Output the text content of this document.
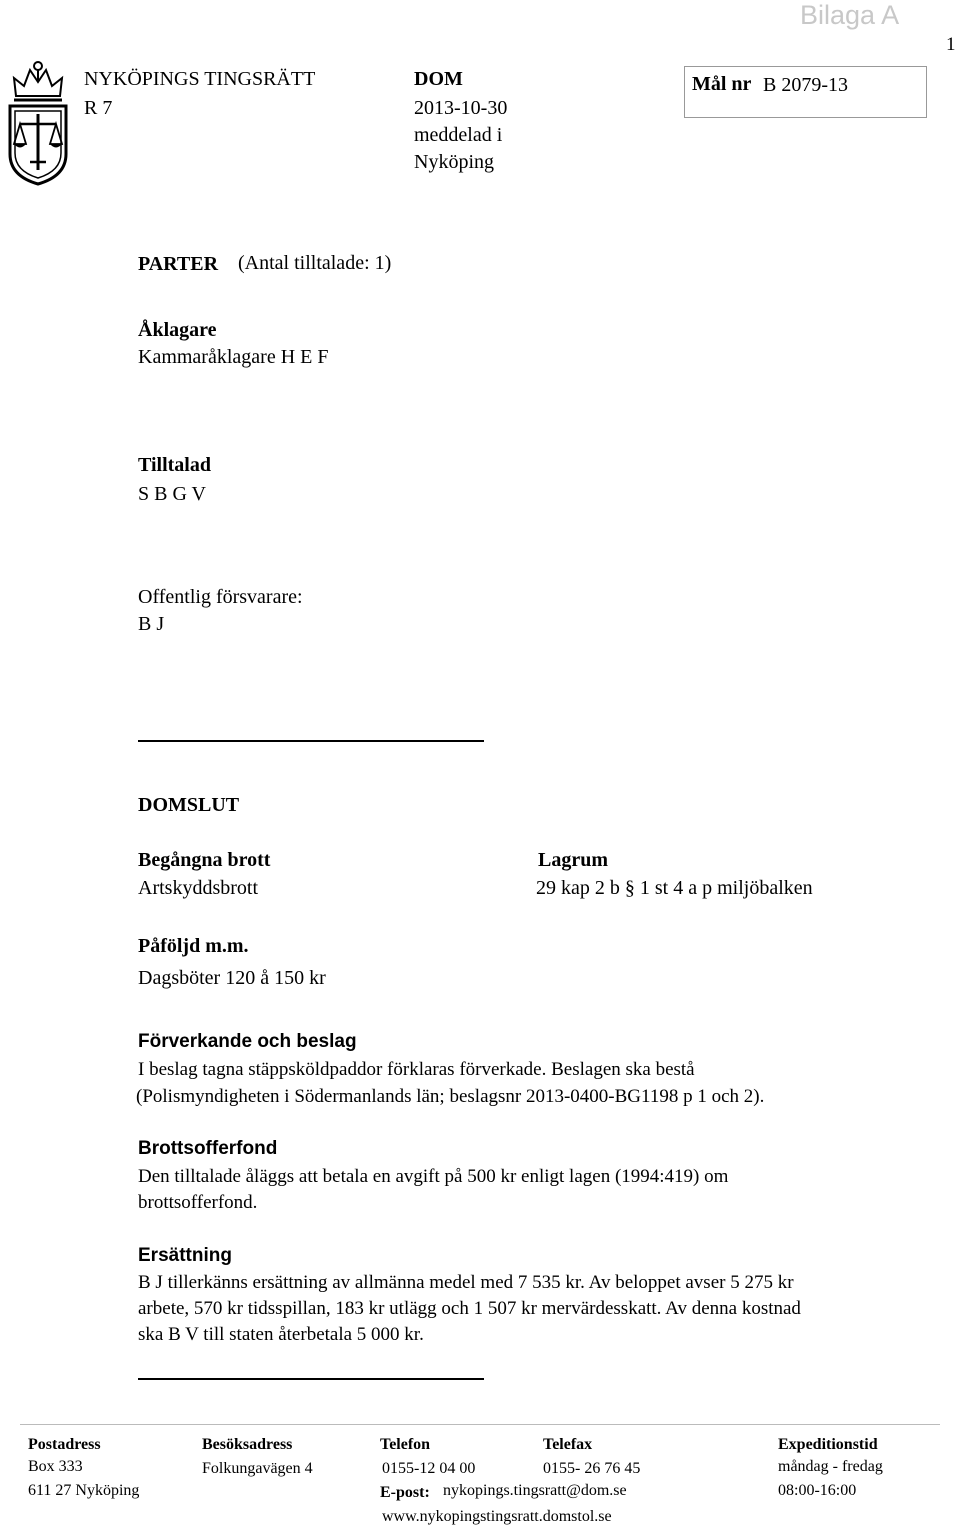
Bilaga A
1
NYKÖPINGS TINGSRÄTT
R 7
DOM
2013-10-30
meddelad i
Nyköping
Mål nr B 2079-13
PARTER (Antal tilltalade: 1)
Åklagare
Kammaråklagare H E F
Tilltalad
S B G V
Offentlig försvarare:
B J
DOMSLUT
Begångna brott
Artskyddsbrott
Lagrum
29 kap 2 b § 1 st 4 a p miljöbalken
Påföljd m.m.
Dagsböter 120 å 150 kr
Förverkande och beslag
I beslag tagna stäppsköldpaddor förklaras förverkade. Beslagen ska bestå
(Polismyndigheten i Södermanlands län; beslagsnr 2013-0400-BG1198 p 1 och 2).
Brottsofferfond
Den tilltalade åläggs att betala en avgift på 500 kr enligt lagen (1994:419) om
brottsofferfond.
Ersättning
B J tillerkänns ersättning av allmänna medel med 7 535 kr. Av beloppet avser 5 275 kr
arbete, 570 kr tidsspillan, 183 kr utlägg och 1 507 kr mervärdesskatt. Av denna kostnad
ska B V till staten återbetala 5 000 kr.
Postadress
Box 333
611 27 Nyköping
Besöksadress
Folkungavägen 4
Telefon
0155-12 04 00
E-post: nykopings.tingsratt@dom.se
www.nykopingstingsratt.domstol.se
Telefax
0155- 26 76 45
Expeditionstid
måndag - fredag
08:00-16:00
